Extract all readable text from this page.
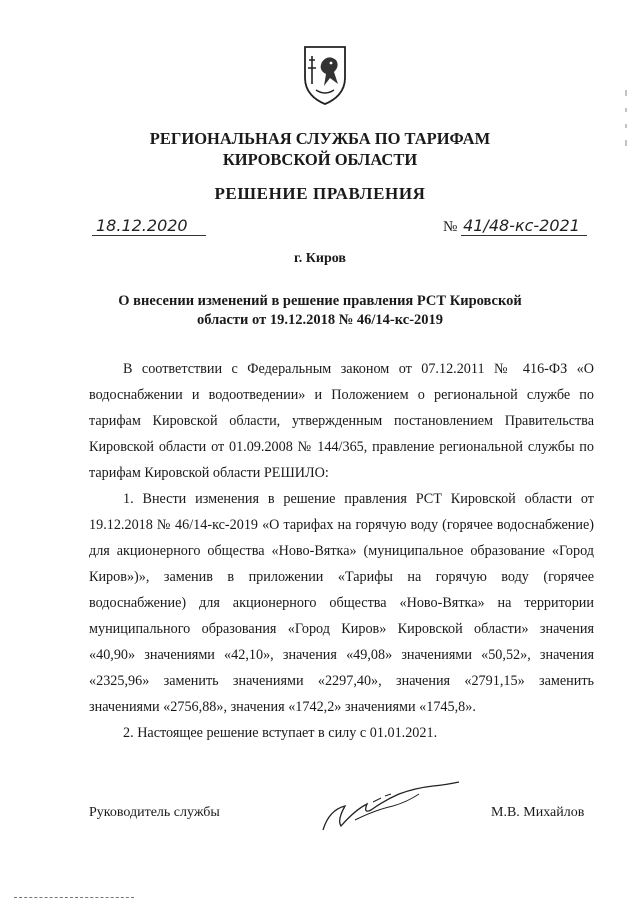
РЕГИОНАЛЬНАЯ СЛУЖБА ПО ТАРИФАМ
КИРОВСКОЙ ОБЛАСТИ
РЕШЕНИЕ ПРАВЛЕНИЯ
18.12.2020	№ 41/48-кс-2021
г. Киров
О внесении изменений в решение правления РСТ Кировской
области от 19.12.2018 № 46/14-кс-2019

В соответствии с Федеральным законом от 07.12.2011 № 416-ФЗ «О водоснабжении и водоотведении» и Положением о региональной службе по тарифам Кировской области, утвержденным постановлением Правительства Кировской области от 01.09.2008 № 144/365, правление региональной службы по тарифам Кировской области РЕШИЛО:

1. Внести изменения в решение правления РСТ Кировской области от 19.12.2018 № 46/14-кс-2019 «О тарифах на горячую воду (горячее водоснабжение) для акционерного общества «Ново-Вятка» (муниципальное образование «Город Киров»)», заменив в приложении «Тарифы на горячую воду (горячее водоснабжение) для акционерного общества «Ново-Вятка» на территории муниципального образования «Город Киров» Кировской области» значения «40,90» значениями «42,10», значения «49,08» значениями «50,52», значения «2325,96» заменить значениями «2297,40», значения «2791,15» заменить значениями «2756,88», значения «1742,2» значениями «1745,8».

2. Настоящее решение вступает в силу с 01.01.2021.

Руководитель службы	М.В. Михайлов
